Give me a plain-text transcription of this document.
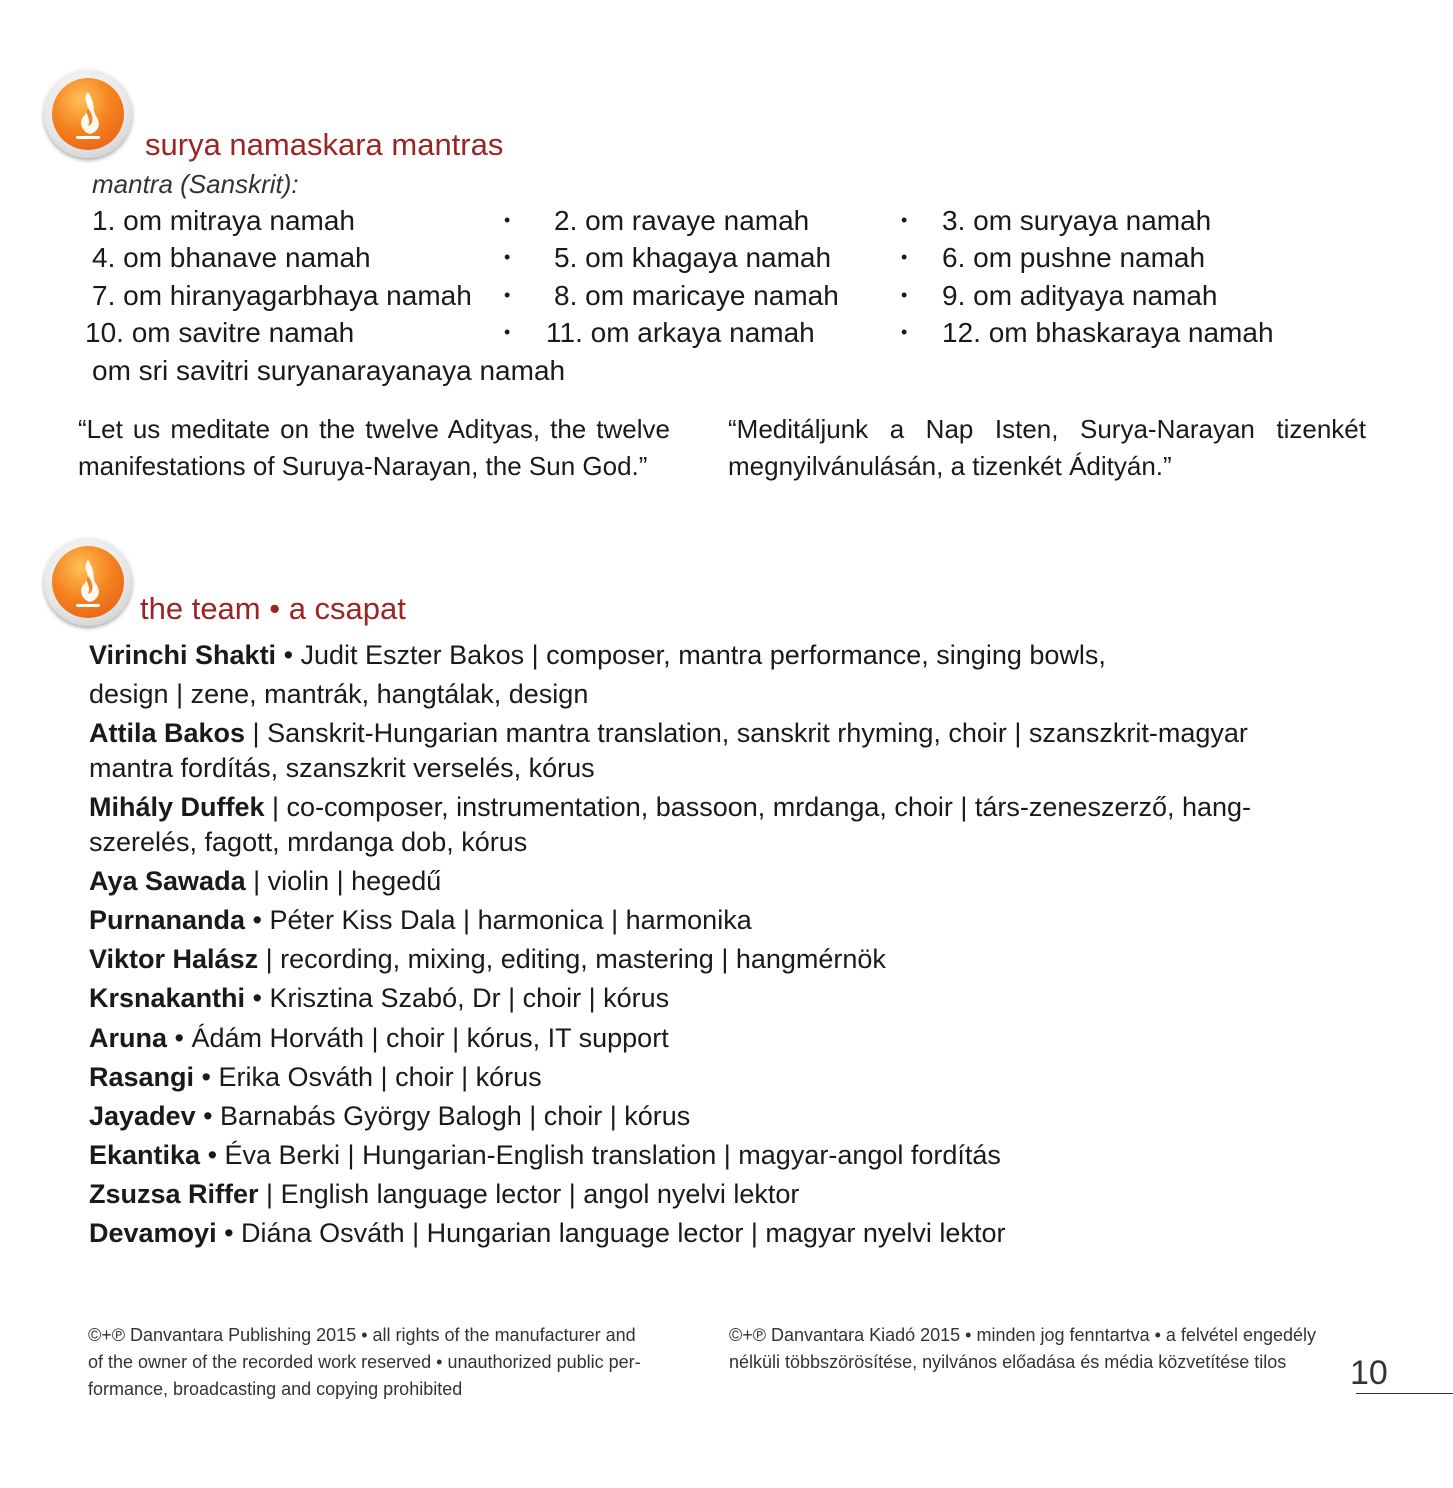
surya namaskara mantras
mantra (Sanskrit):
1. om mitraya namah	• 2. om ravaye namah	• 3. om suryaya namah
4. om bhanave namah	• 5. om khagaya namah	• 6. om pushne namah
7. om hiranyagarbhaya namah • 8. om maricaye namah	• 9. om adityaya namah
10. om savitre namah	• 11. om arkaya namah	• 12. om bhaskaraya namah
om sri savitri suryanarayanaya namah
“Let us meditate on the twelve Adityas, the twelve manifestations of Suruya-Narayan, the Sun God.”
“Meditáljunk a Nap Isten, Surya-Narayan tizenkét megnyilvánulásán, a tizenkét Ádityán.”
the team • a csapat
Virinchi Shakti • Judit Eszter Bakos | composer, mantra performance, singing bowls,
design | zene, mantrák, hangtálak, design
Attila Bakos | Sanskrit-Hungarian mantra translation, sanskrit rhyming, choir | szanszkrit-magyar
mantra fordítás, szanszkrit verselés, kórus
Mihály Duffek | co-composer, instrumentation, bassoon, mrdanga, choir | társ-zeneszerző, hang-
szerelés, fagott, mrdanga dob, kórus
Aya Sawada | violin | hegedű
Purnananda • Péter Kiss Dala | harmonica | harmonika
Viktor Halász | recording, mixing, editing, mastering | hangmérnök
Krsnakanthi • Krisztina Szabó, Dr | choir | kórus
Aruna • Ádám Horváth | choir | kórus, IT support
Rasangi • Erika Osváth | choir | kórus
Jayadev • Barnabás György Balogh | choir | kórus
Ekantika • Éva Berki | Hungarian-English translation | magyar-angol fordítás
Zsuzsa Riffer | English language lector | angol nyelvi lektor
Devamoyi • Diána Osváth | Hungarian language lector | magyar nyelvi lektor
©+℗ Danvantara Publishing 2015 • all rights of the manufacturer and
of the owner of the recorded work reserved • unauthorized public per-
formance, broadcasting and copying prohibited
©+℗ Danvantara Kiadó 2015 • minden jog fenntartva • a felvétel engedély
nélküli többszörösítése, nyilvános előadása és média közvetítése tilos	10
